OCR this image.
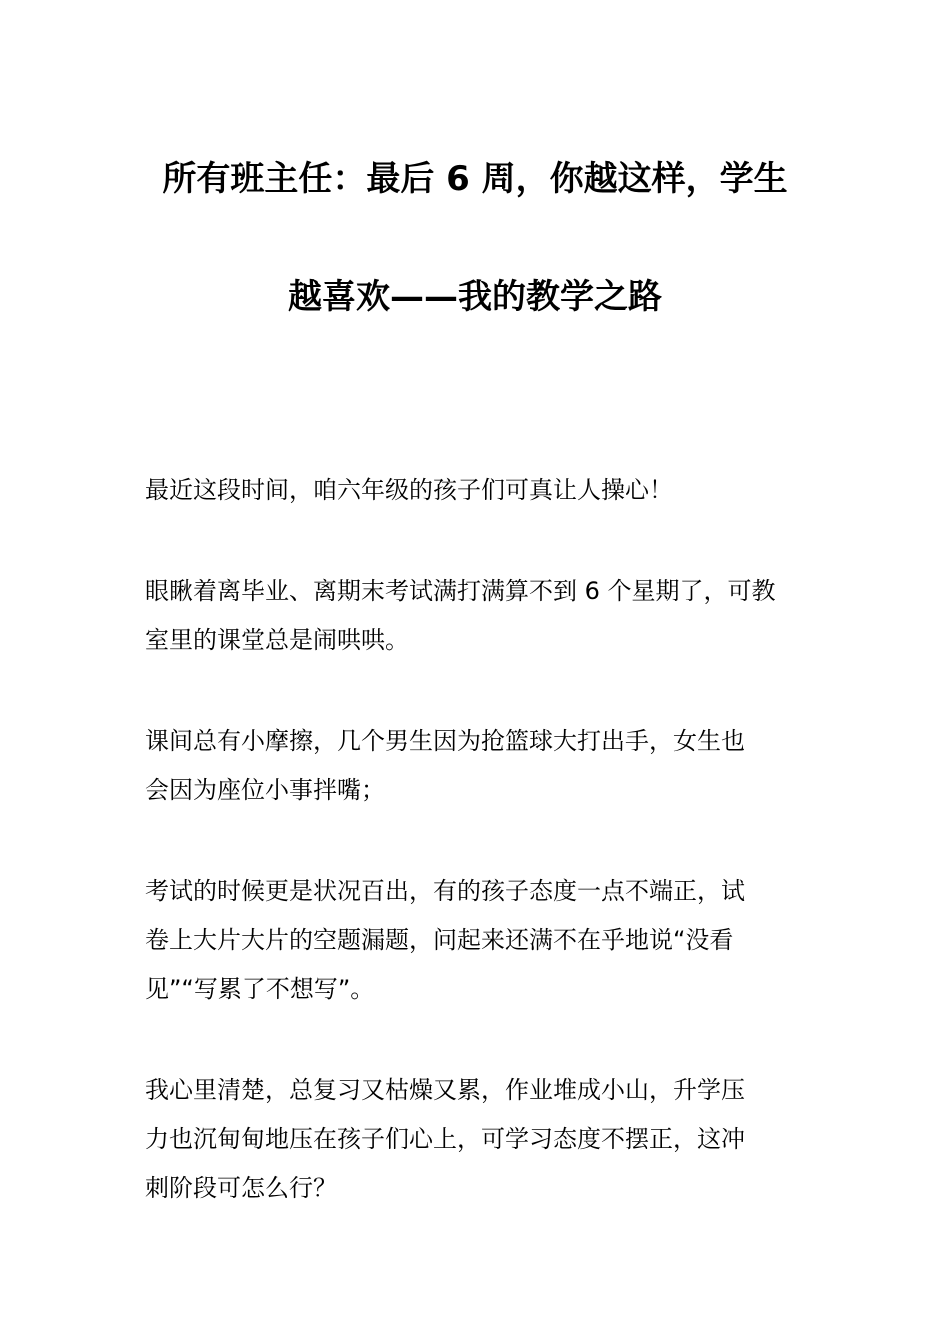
所有班主任：最后 6 周，你越这样，学生
越喜欢——我的教学之路
最近这段时间，咱六年级的孩子们可真让人操心！
眼瞅着离毕业、离期末考试满打满算不到 6 个星期了，可教
室里的课堂总是闹哄哄。
课间总有小摩擦，几个男生因为抢篮球大打出手，女生也
会因为座位小事拌嘴；
考试的时候更是状况百出，有的孩子态度一点不端正，试
卷上大片大片的空题漏题，问起来还满不在乎地说“没看
见”“写累了不想写”。
我心里清楚，总复习又枯燥又累，作业堆成小山，升学压
力也沉甸甸地压在孩子们心上，可学习态度不摆正，这冲
刺阶段可怎么行？
